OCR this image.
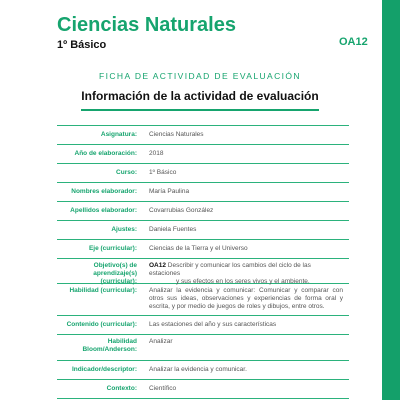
Ciencias Naturales
1º Básico	OA12
FICHA DE ACTIVIDAD DE EVALUACIÓN
Información de la actividad de evaluación
Asignatura:	Ciencias Naturales
Año de elaboración:	2018
Curso:	1º Básico
Nombres elaborador:	María Paulina
Apellidos elaborador:	Covarrubias González
Ajustes:	Daniela Fuentes
Eje (curricular):	Ciencias de la Tierra y el Universo
Objetivo(s) de aprendizaje(s) (curricular):
OA12 Describir y comunicar los cambios del ciclo de las estaciones
y sus efectos en los seres vivos y el ambiente.
Habilidad (curricular):	Analizar la evidencia y comunicar: Comunicar y comparar con otros sus ideas, observaciones y experiencias de forma oral y escrita, y por medio de juegos de roles y dibujos, entre otros.
Contenido (curricular):	Las estaciones del año y sus características
Habilidad Bloom/Anderson:
Analizar
Indicador/descriptor:	Analizar la evidencia y comunicar.
Contexto:	Científico
